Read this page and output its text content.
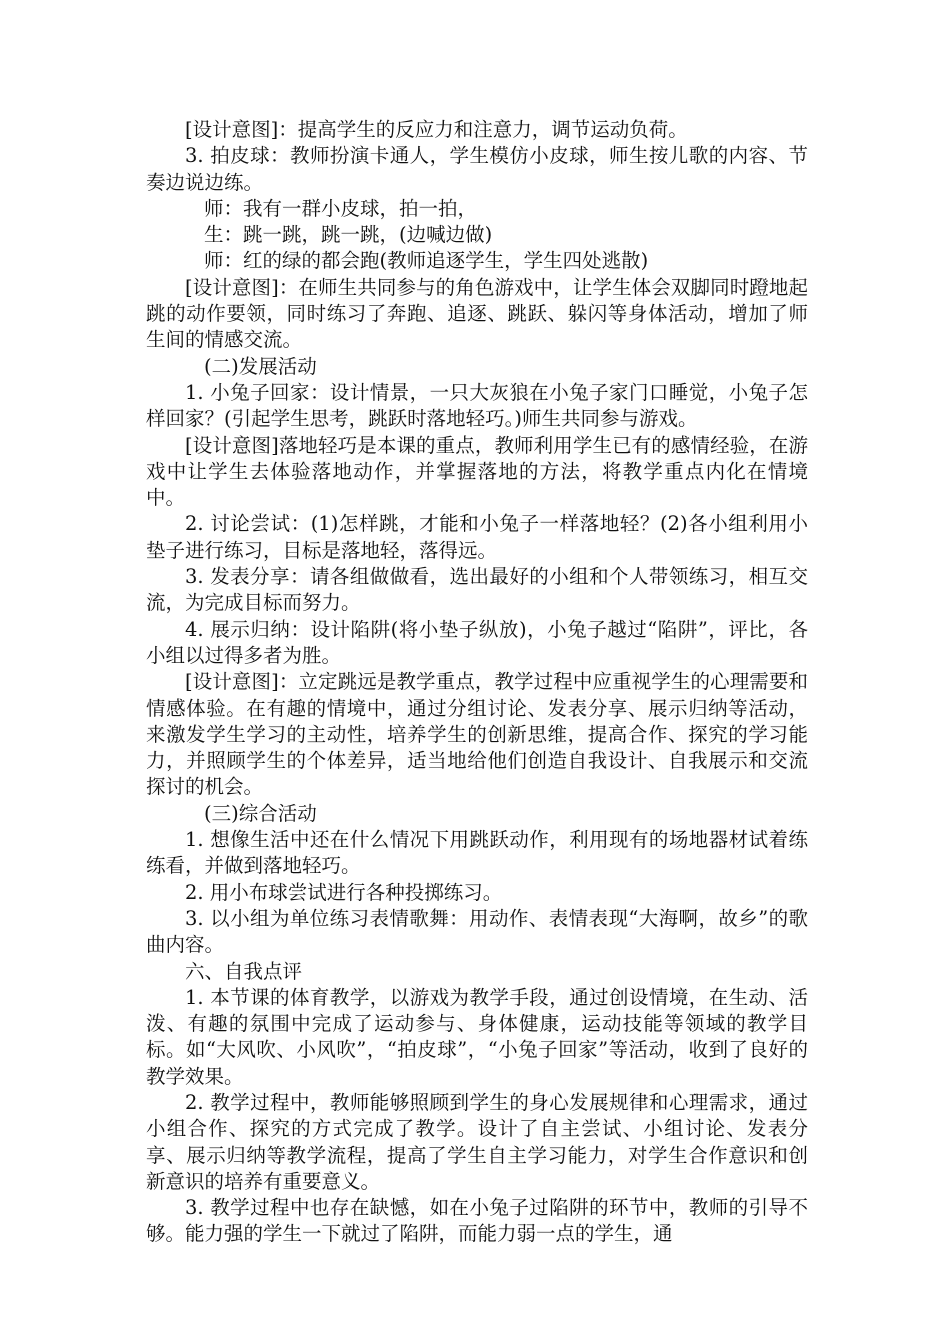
[设计意图]：提高学生的反应力和注意力，调节运动负荷。

3. 拍皮球：教师扮演卡通人，学生模仿小皮球，师生按儿歌的内容、节奏边说边练。

师：我有一群小皮球，拍一拍，

生：跳一跳，跳一跳，(边喊边做)

师：红的绿的都会跑(教师追逐学生，学生四处逃散)

[设计意图]：在师生共同参与的角色游戏中，让学生体会双脚同时蹬地起跳的动作要领，同时练习了奔跑、追逐、跳跃、躲闪等身体活动，增加了师生间的情感交流。

(二)发展活动

1. 小兔子回家：设计情景，一只大灰狼在小兔子家门口睡觉，小兔子怎样回家？(引起学生思考，跳跃时落地轻巧。)师生共同参与游戏。

[设计意图]落地轻巧是本课的重点，教师利用学生已有的感情经验，在游戏中让学生去体验落地动作，并掌握落地的方法，将教学重点内化在情境中。

2. 讨论尝试：(1)怎样跳，才能和小兔子一样落地轻？(2)各小组利用小垫子进行练习，目标是落地轻，落得远。

3. 发表分享：请各组做做看，选出最好的小组和个人带领练习，相互交流，为完成目标而努力。

4. 展示归纳：设计陷阱(将小垫子纵放)，小兔子越过“陷阱”，评比，各小组以过得多者为胜。

[设计意图]：立定跳远是教学重点，教学过程中应重视学生的心理需要和情感体验。在有趣的情境中，通过分组讨论、发表分享、展示归纳等活动，来激发学生学习的主动性，培养学生的创新思维，提高合作、探究的学习能力，并照顾学生的个体差异，适当地给他们创造自我设计、自我展示和交流探讨的机会。

(三)综合活动

1. 想像生活中还在什么情况下用跳跃动作，利用现有的场地器材试着练练看，并做到落地轻巧。

2. 用小布球尝试进行各种投掷练习。

3. 以小组为单位练习表情歌舞：用动作、表情表现“大海啊，故乡”的歌曲内容。

六、自我点评

1. 本节课的体育教学，以游戏为教学手段，通过创设情境，在生动、活泼、有趣的氛围中完成了运动参与、身体健康，运动技能等领域的教学目标。如“大风吹、小风吹”，“拍皮球”，“小兔子回家”等活动，收到了良好的教学效果。

2. 教学过程中，教师能够照顾到学生的身心发展规律和心理需求，通过小组合作、探究的方式完成了教学。设计了自主尝试、小组讨论、发表分享、展示归纳等教学流程，提高了学生自主学习能力，对学生合作意识和创新意识的培养有重要意义。

3. 教学过程中也存在缺憾，如在小兔子过陷阱的环节中，教师的引导不够。能力强的学生一下就过了陷阱，而能力弱一点的学生，通
